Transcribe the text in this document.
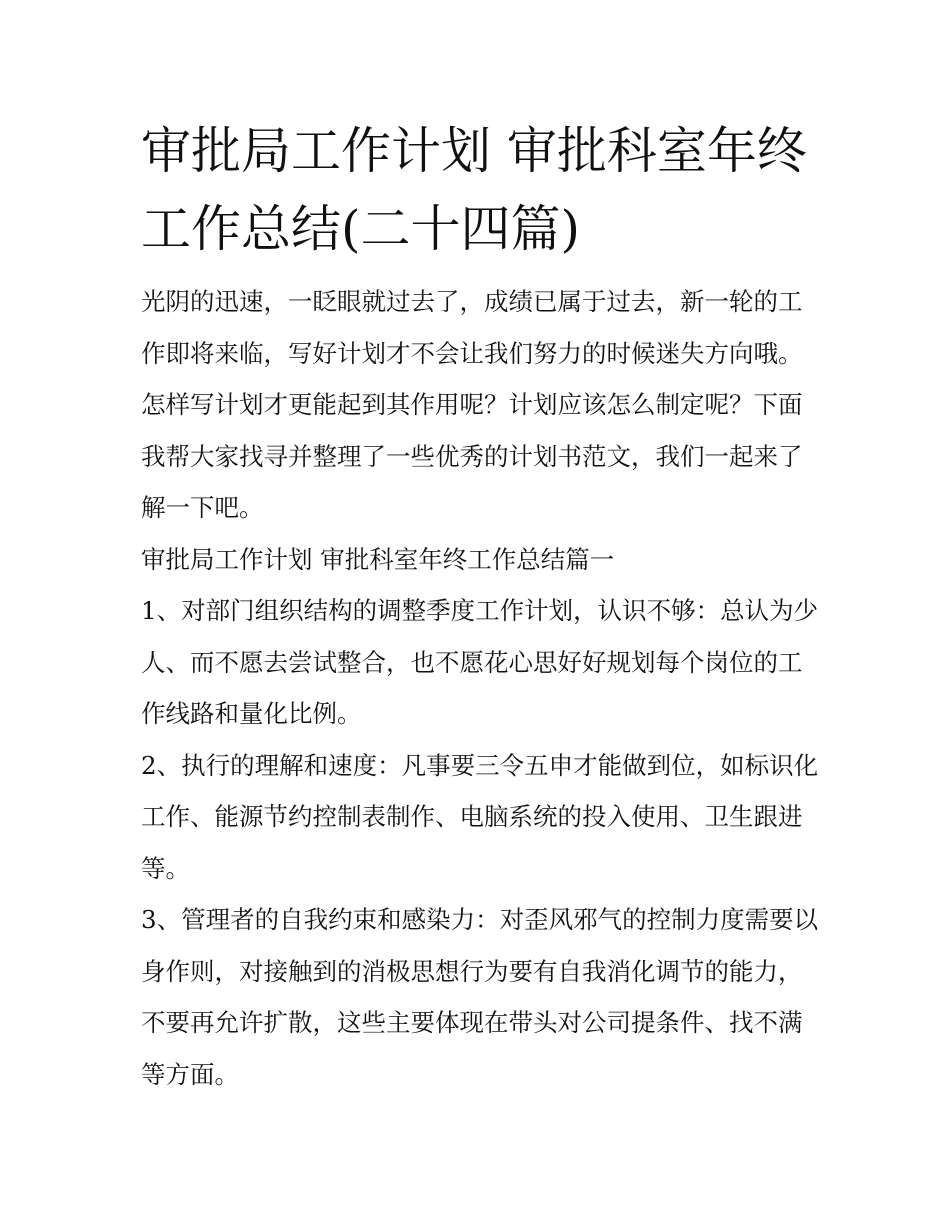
审批局工作计划 审批科室年终工作总结(二十四篇)

光阴的迅速，一眨眼就过去了，成绩已属于过去，新一轮的工作即将来临，写好计划才不会让我们努力的时候迷失方向哦。怎样写计划才更能起到其作用呢？计划应该怎么制定呢？下面我帮大家找寻并整理了一些优秀的计划书范文，我们一起来了解一下吧。

审批局工作计划 审批科室年终工作总结篇一

1、对部门组织结构的调整季度工作计划，认识不够：总认为少人、而不愿去尝试整合，也不愿花心思好好规划每个岗位的工作线路和量化比例。

2、执行的理解和速度：凡事要三令五申才能做到位，如标识化工作、能源节约控制表制作、电脑系统的投入使用、卫生跟进等。

3、管理者的自我约束和感染力：对歪风邪气的控制力度需要以身作则，对接触到的消极思想行为要有自我消化调节的能力，不要再允许扩散，这些主要体现在带头对公司提条件、找不满等方面。
